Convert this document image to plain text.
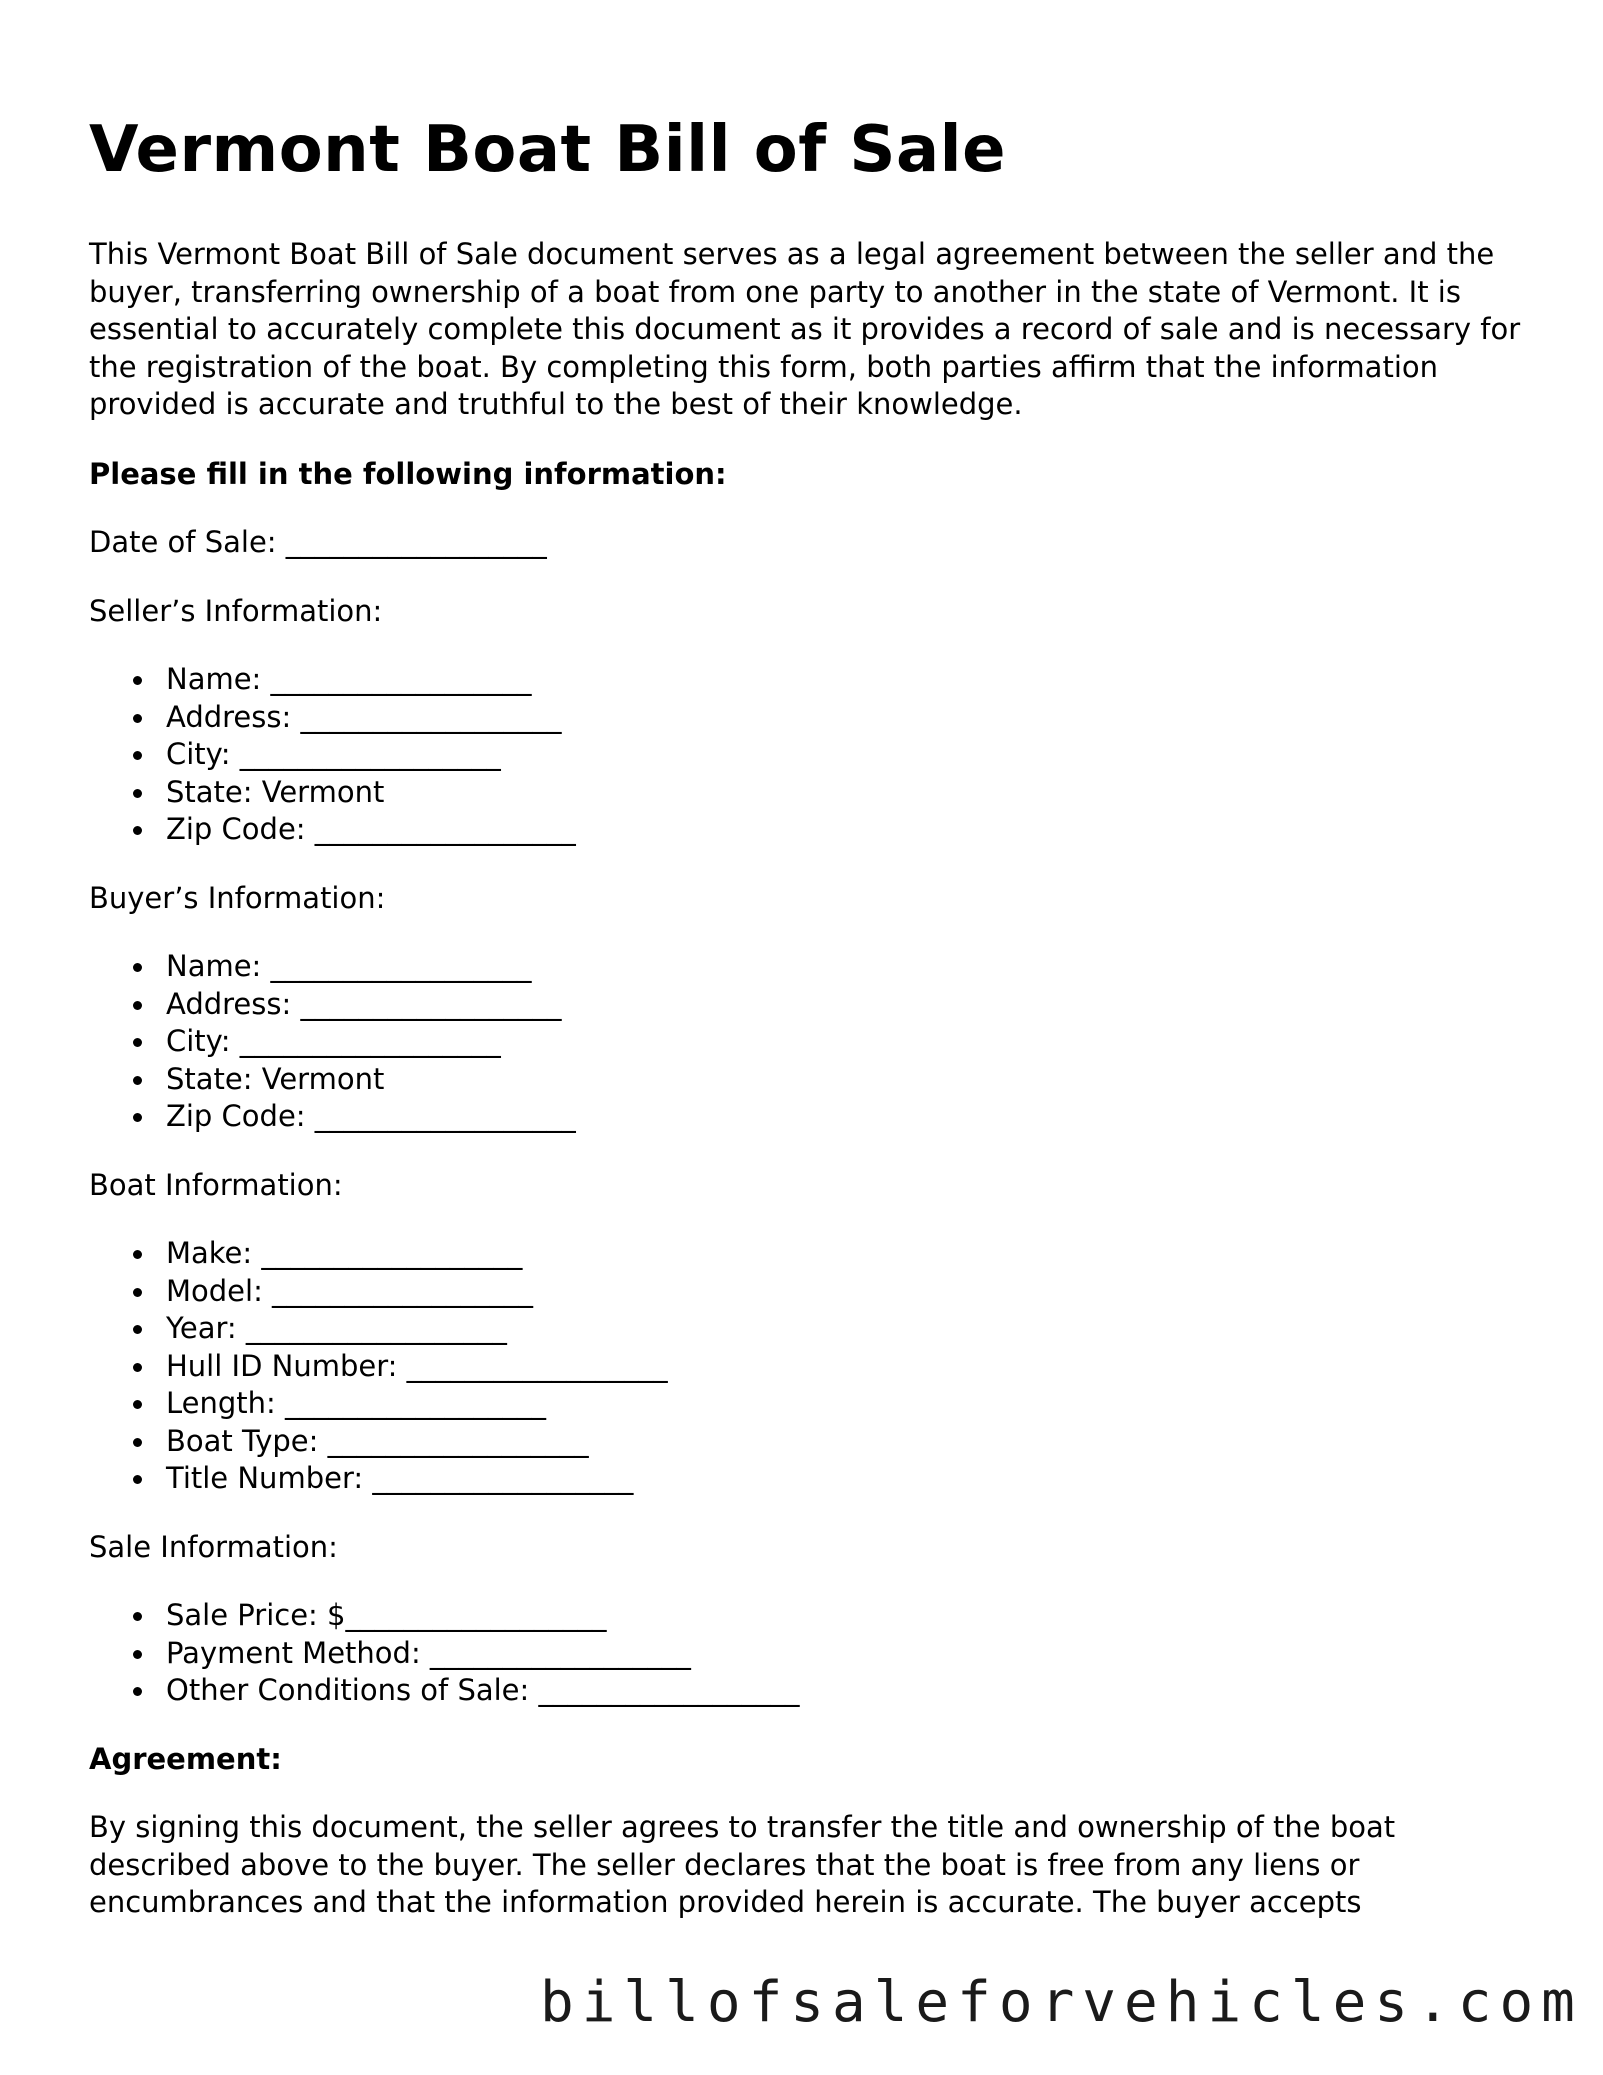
Vermont Boat Bill of Sale

This Vermont Boat Bill of Sale document serves as a legal agreement between the seller and the buyer, transferring ownership of a boat from one party to another in the state of Vermont. It is essential to accurately complete this document as it provides a record of sale and is necessary for the registration of the boat. By completing this form, both parties affirm that the information provided is accurate and truthful to the best of their knowledge.

Please fill in the following information:

Date of Sale: __________________

Seller’s Information:

Name: __________________
Address: __________________
City: __________________
State: Vermont
Zip Code: __________________

Buyer’s Information:

Name: __________________
Address: __________________
City: __________________
State: Vermont
Zip Code: __________________

Boat Information:

Make: __________________
Model: __________________
Year: __________________
Hull ID Number: __________________
Length: __________________
Boat Type: __________________
Title Number: __________________

Sale Information:

Sale Price: $__________________
Payment Method: __________________
Other Conditions of Sale: __________________

Agreement:

By signing this document, the seller agrees to transfer the title and ownership of the boat described above to the buyer. The seller declares that the boat is free from any liens or encumbrances and that the information provided herein is accurate. The buyer accepts

billofsaleforvehicles.com
